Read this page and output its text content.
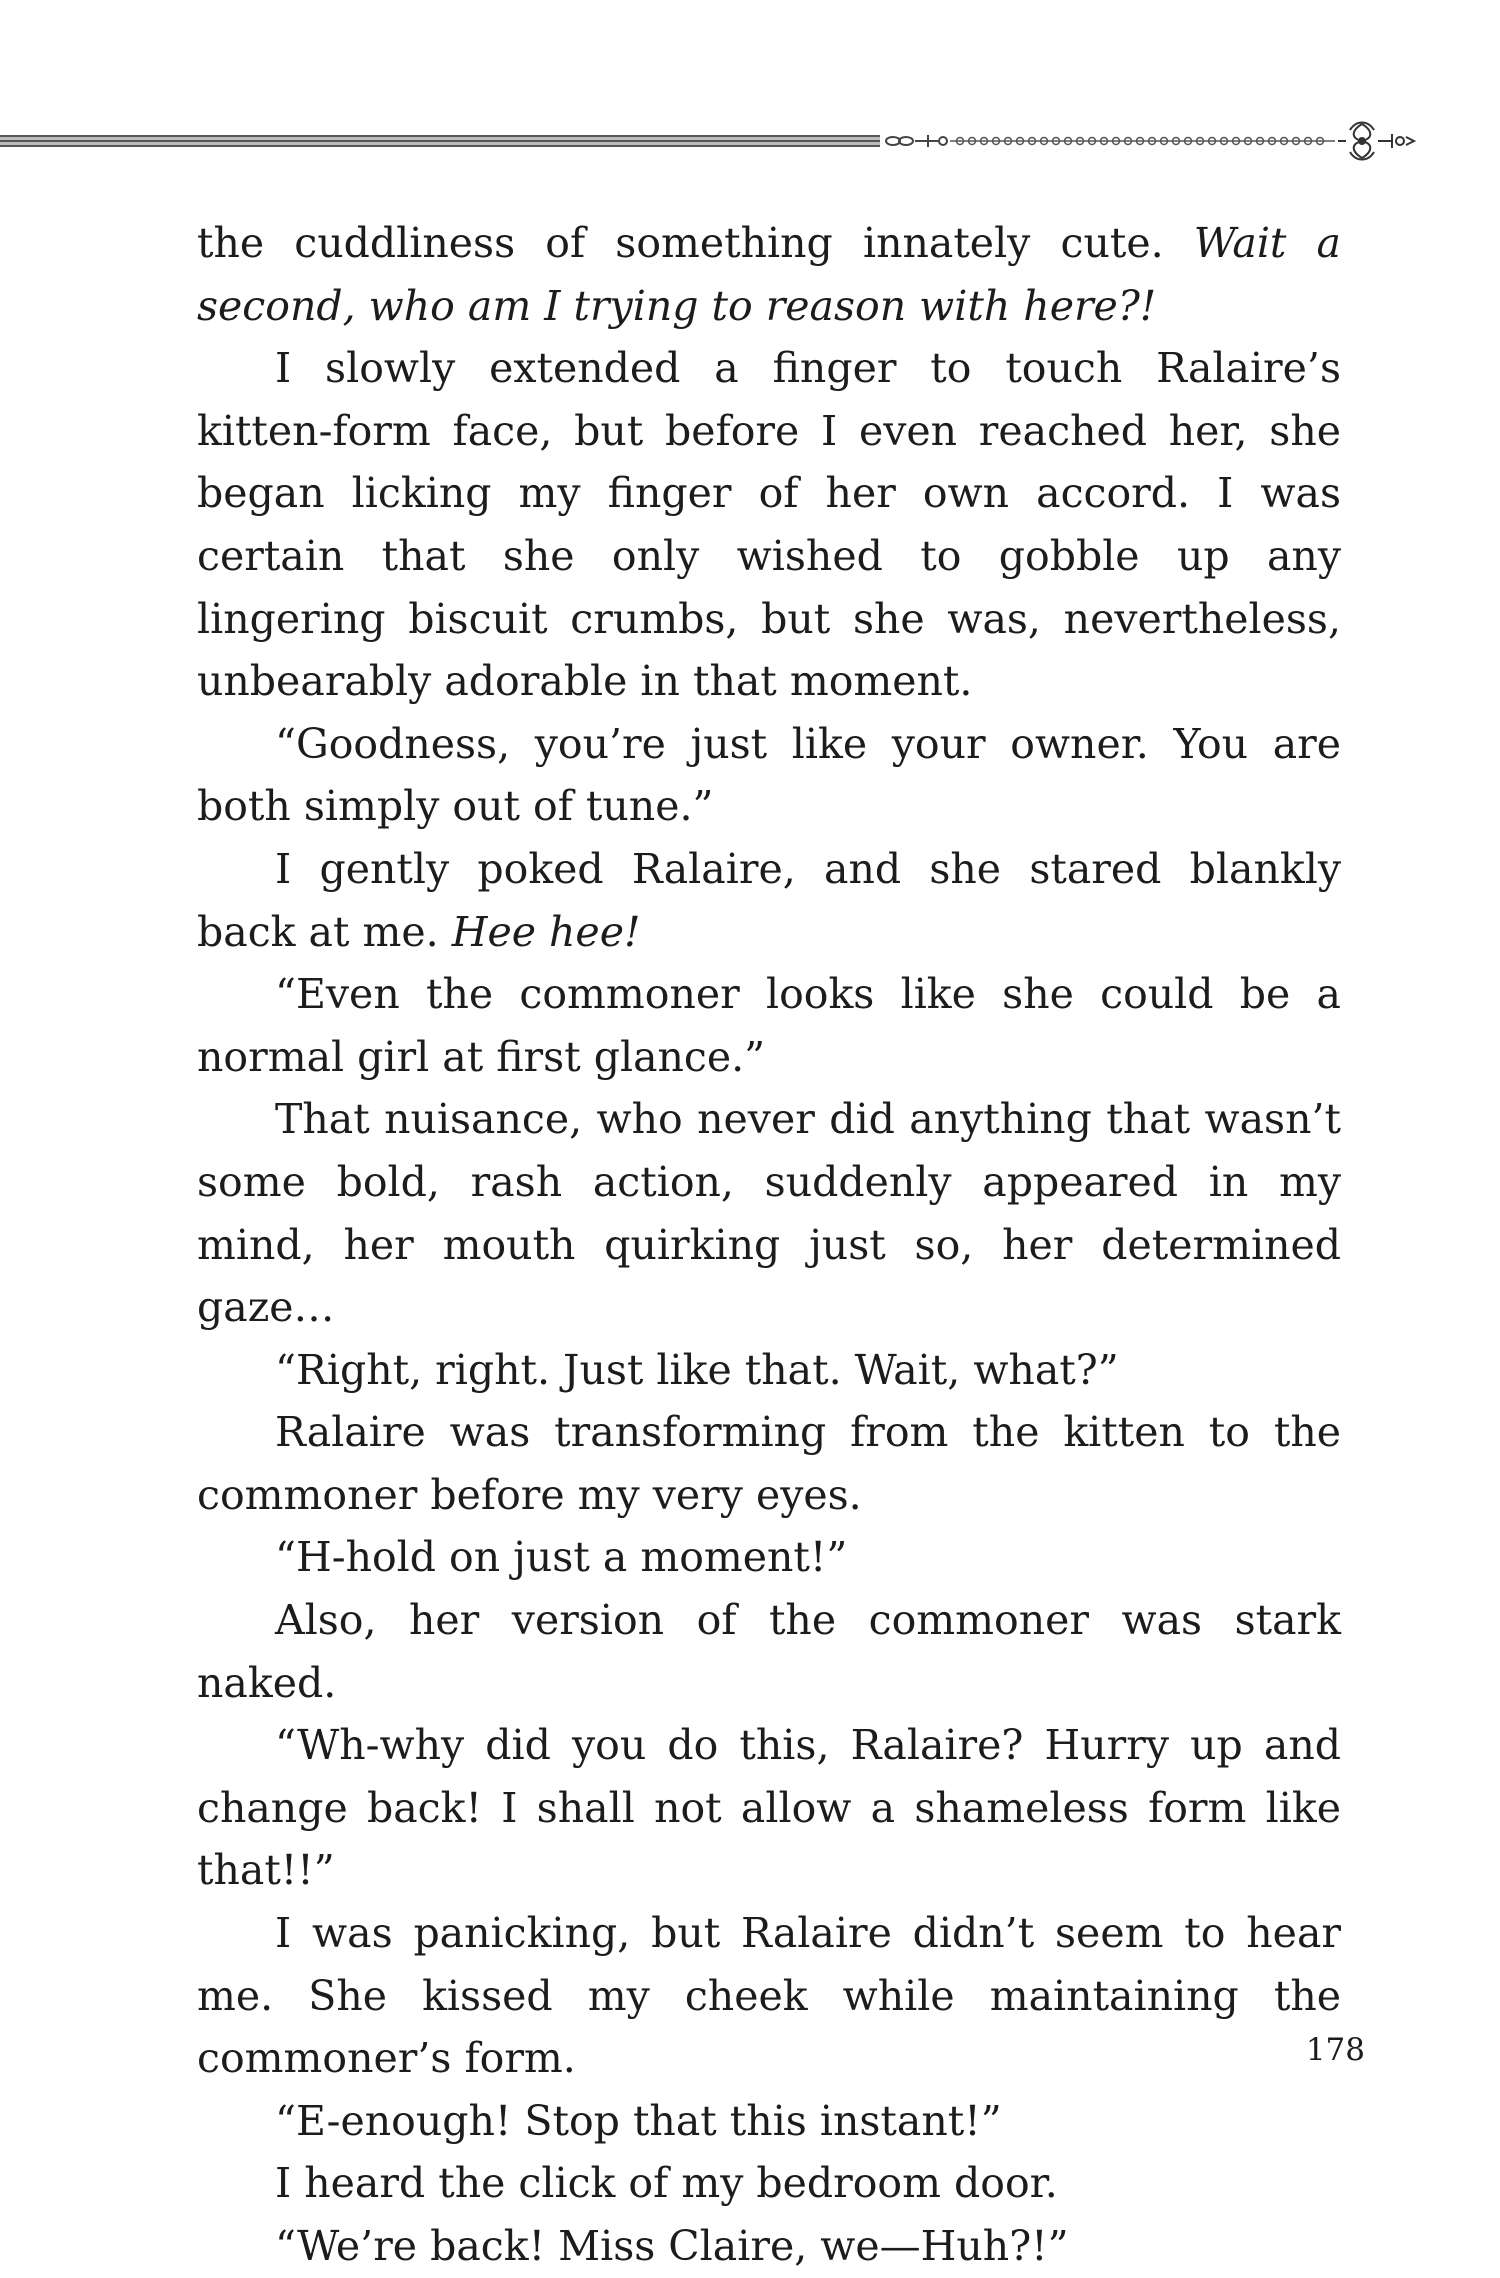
the cuddliness of something innately cute. Wait a second, who am I trying to reason with here?!

I slowly extended a finger to touch Ralaire’s kitten-form face, but before I even reached her, she began licking my finger of her own accord. I was certain that she only wished to gobble up any lingering biscuit crumbs, but she was, nevertheless, unbearably adorable in that moment.

“Goodness, you’re just like your owner. You are both simply out of tune.”

I gently poked Ralaire, and she stared blankly back at me. Hee hee!

“Even the commoner looks like she could be a normal girl at first glance.”

That nuisance, who never did anything that wasn’t some bold, rash action, suddenly appeared in my mind, her mouth quirking just so, her determined gaze…

“Right, right. Just like that. Wait, what?”

Ralaire was transforming from the kitten to the commoner before my very eyes.

“H-hold on just a moment!”

Also, her version of the commoner was stark naked.

“Wh-why did you do this, Ralaire? Hurry up and change back! I shall not allow a shameless form like that!!”

I was panicking, but Ralaire didn’t seem to hear me. She kissed my cheek while maintaining the commoner’s form.

“E-enough! Stop that this instant!”

I heard the click of my bedroom door.

“We’re back! Miss Claire, we—Huh?!”

178
